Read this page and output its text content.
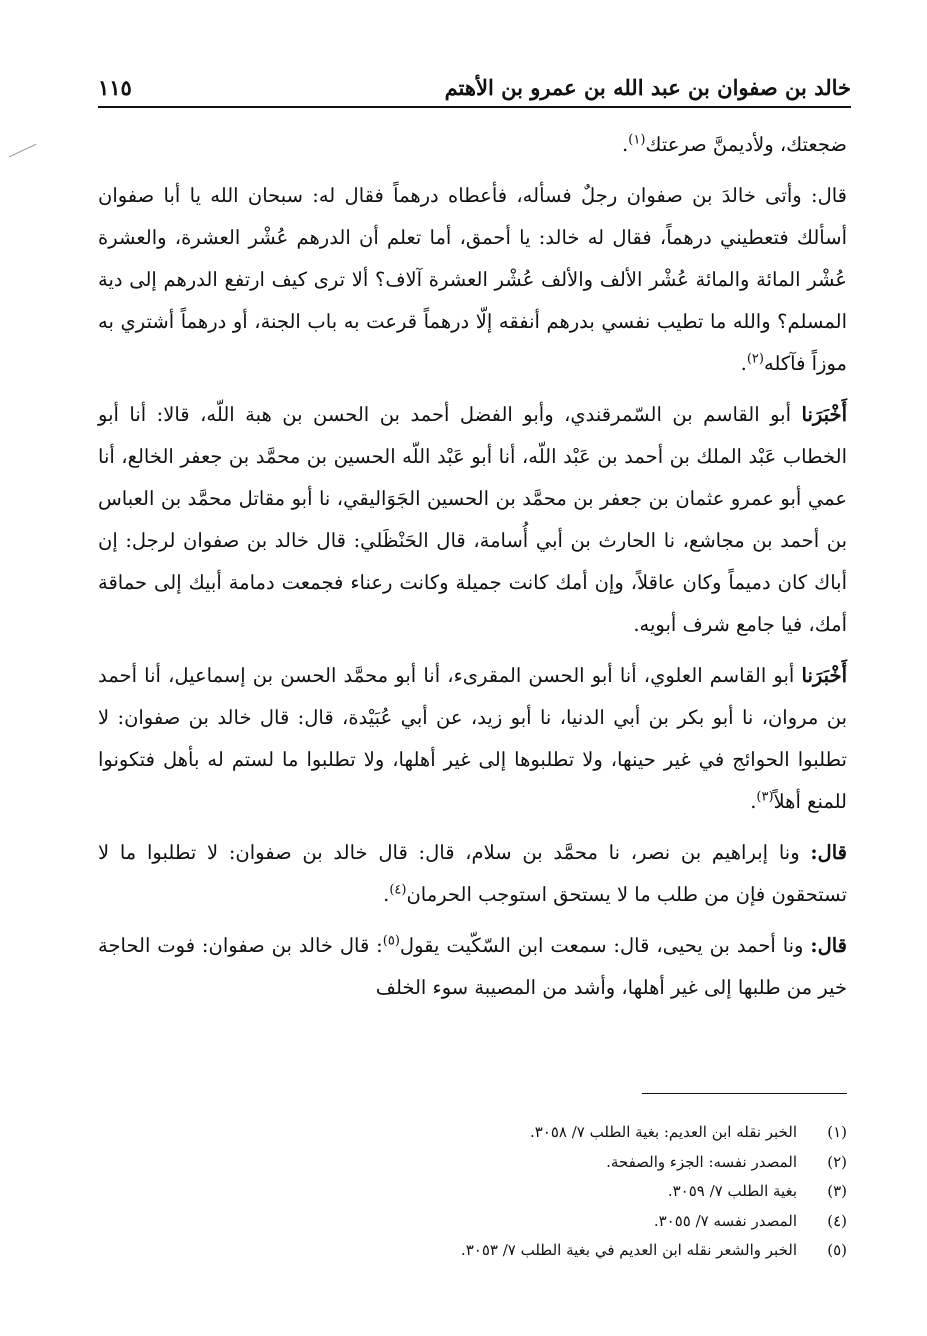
خالد بن صفوان بن عبد الله بن عمرو بن الأهتم
١١٥

ضجعتك، ولأديمنَّ صرعتك$^{(١)}$.

قال: وأتى خالدَ بن صفوان رجلٌ فسأله، فأعطاه درهماً فقال له: سبحان الله يا أبا صفوان أسألك فتعطيني درهماً، فقال له خالد: يا أحمق، أما تعلم أن الدرهم عُشْر العشرة، والعشرة عُشْر المائة والمائة عُشْر الألف والألف عُشْر العشرة آلاف؟ ألا ترى كيف ارتفع الدرهم إلى دية المسلم؟ والله ما تطيب نفسي بدرهم أنفقه إلّا درهماً قرعت به باب الجنة، أو درهماً أشتري به موزاً فآكله$^{(٢)}$.

أَخْبَرَنا أبو القاسم بن السّمرقندي، وأبو الفضل أحمد بن الحسن بن هبة اللّه، قالا: أنا أبو الخطاب عَبْد الملك بن أحمد بن عَبْد اللّه، أنا أبو عَبْد اللّه الحسين بن محمَّد بن جعفر الخالع، أنا عمي أبو عمرو عثمان بن جعفر بن محمَّد بن الحسين الجَوَاليقي، نا أبو مقاتل محمَّد بن العباس بن أحمد بن مجاشع، نا الحارث بن أبي أُسامة، قال الحَنْظَلي: قال خالد بن صفوان لرجل: إن أباك كان دميماً وكان عاقلاً، وإن أمك كانت جميلة وكانت رعناء فجمعت دمامة أبيك إلى حماقة أمك، فيا جامع شرف أبويه.

أَخْبَرَنا أبو القاسم العلوي، أنا أبو الحسن المقرىء، أنا أبو محمَّد الحسن بن إسماعيل، أنا أحمد بن مروان، نا أبو بكر بن أبي الدنيا، نا أبو زيد، عن أبي عُبَيْدة، قال: قال خالد بن صفوان: لا تطلبوا الحوائج في غير حينها، ولا تطلبوها إلى غير أهلها، ولا تطلبوا ما لستم له بأهل فتكونوا للمنع أهلاً$^{(٣)}$.

قال: ونا إبراهيم بن نصر، نا محمَّد بن سلام، قال: قال خالد بن صفوان: لا تطلبوا ما لا تستحقون فإن من طلب ما لا يستحق استوجب الحرمان$^{(٤)}$.

قال: ونا أحمد بن يحيى، قال: سمعت ابن السّكّيت يقول$^{(٥)}$: قال خالد بن صفوان: فوت الحاجة خير من طلبها إلى غير أهلها، وأشد من المصيبة سوء الخلف

(١)
الخبر نقله ابن العديم: بغية الطلب ٧/ ٣٠٥٨.
(٢)
المصدر نفسه: الجزء والصفحة.
(٣)
بغية الطلب ٧/ ٣٠٥٩.
(٤)
المصدر نفسه ٧/ ٣٠٥٥.
(٥)
الخبر والشعر نقله ابن العديم في بغية الطلب ٧/ ٣٠٥٣.
